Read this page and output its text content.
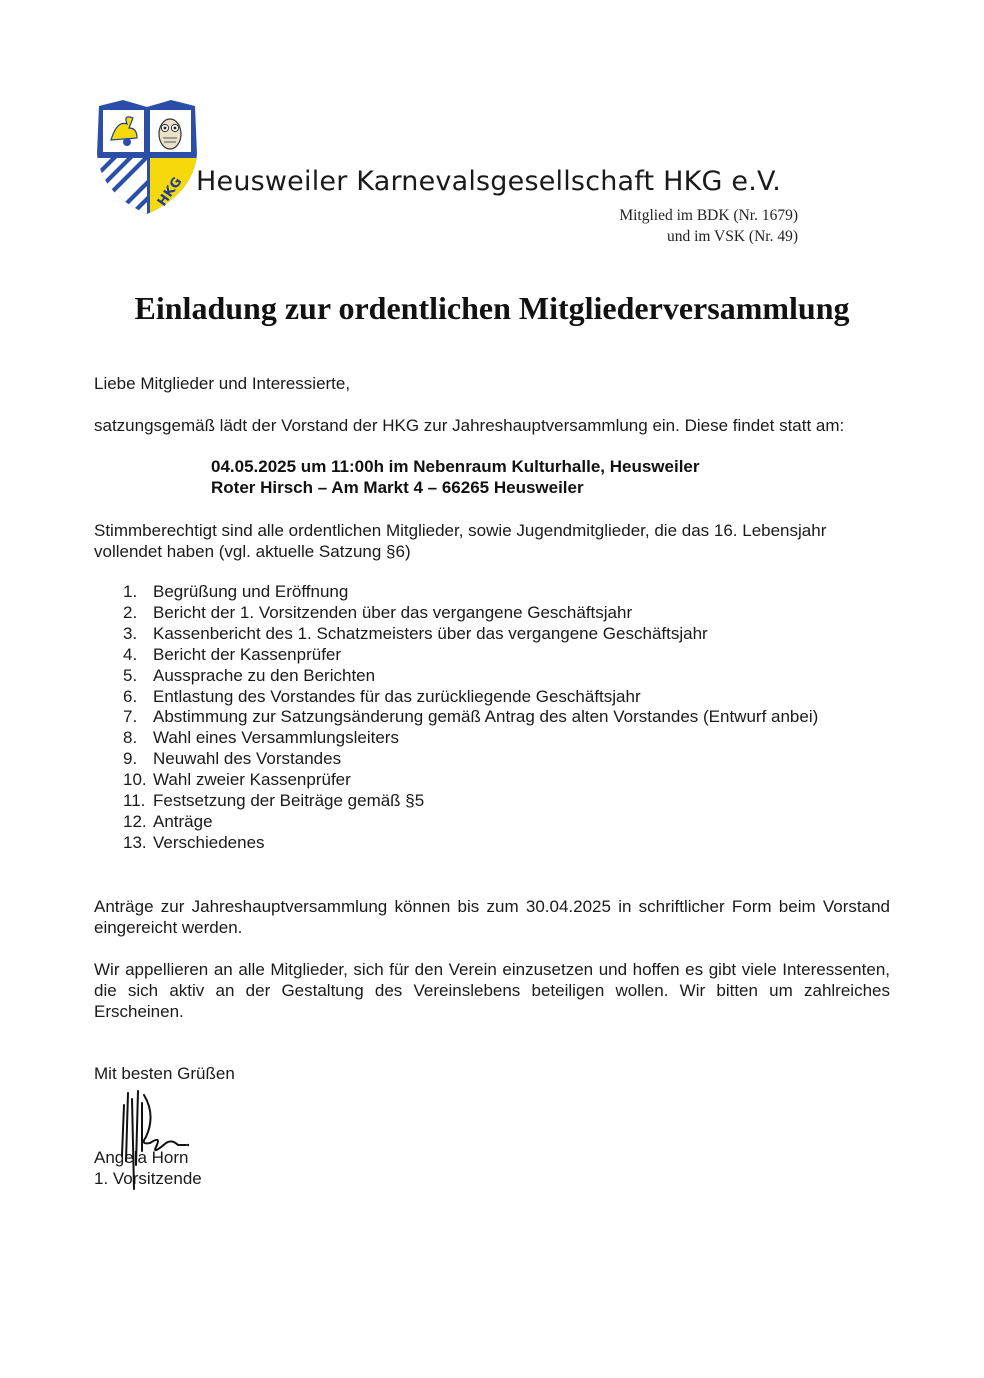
HKG Heusweiler Karnevalsgesellschaft HKG e.V.
Mitglied im BDK (Nr. 1679)
und im VSK (Nr. 49)
Einladung zur ordentlichen Mitgliederversammlung
Liebe Mitglieder und Interessierte,
satzungsgemäß lädt der Vorstand der HKG zur Jahreshauptversammlung ein. Diese findet statt am:
04.05.2025 um 11:00h im Nebenraum Kulturhalle, Heusweiler
Roter Hirsch – Am Markt 4 – 66265 Heusweiler
Stimmberechtigt sind alle ordentlichen Mitglieder, sowie Jugendmitglieder, die das 16. Lebensjahr vollendet haben (vgl. aktuelle Satzung §6)
1. Begrüßung und Eröffnung
2. Bericht der 1. Vorsitzenden über das vergangene Geschäftsjahr
3. Kassenbericht des 1. Schatzmeisters über das vergangene Geschäftsjahr
4. Bericht der Kassenprüfer
5. Aussprache zu den Berichten
6. Entlastung des Vorstandes für das zurückliegende Geschäftsjahr
7. Abstimmung zur Satzungsänderung gemäß Antrag des alten Vorstandes (Entwurf anbei)
8. Wahl eines Versammlungsleiters
9. Neuwahl des Vorstandes
10. Wahl zweier Kassenprüfer
11. Festsetzung der Beiträge gemäß §5
12. Anträge
13. Verschiedenes
Anträge zur Jahreshauptversammlung können bis zum 30.04.2025 in schriftlicher Form beim Vorstand eingereicht werden.
Wir appellieren an alle Mitglieder, sich für den Verein einzusetzen und hoffen es gibt viele Interessenten, die sich aktiv an der Gestaltung des Vereinslebens beteiligen wollen. Wir bitten um zahlreiches Erscheinen.
Mit besten Grüßen
Angela Horn
1. Vorsitzende
